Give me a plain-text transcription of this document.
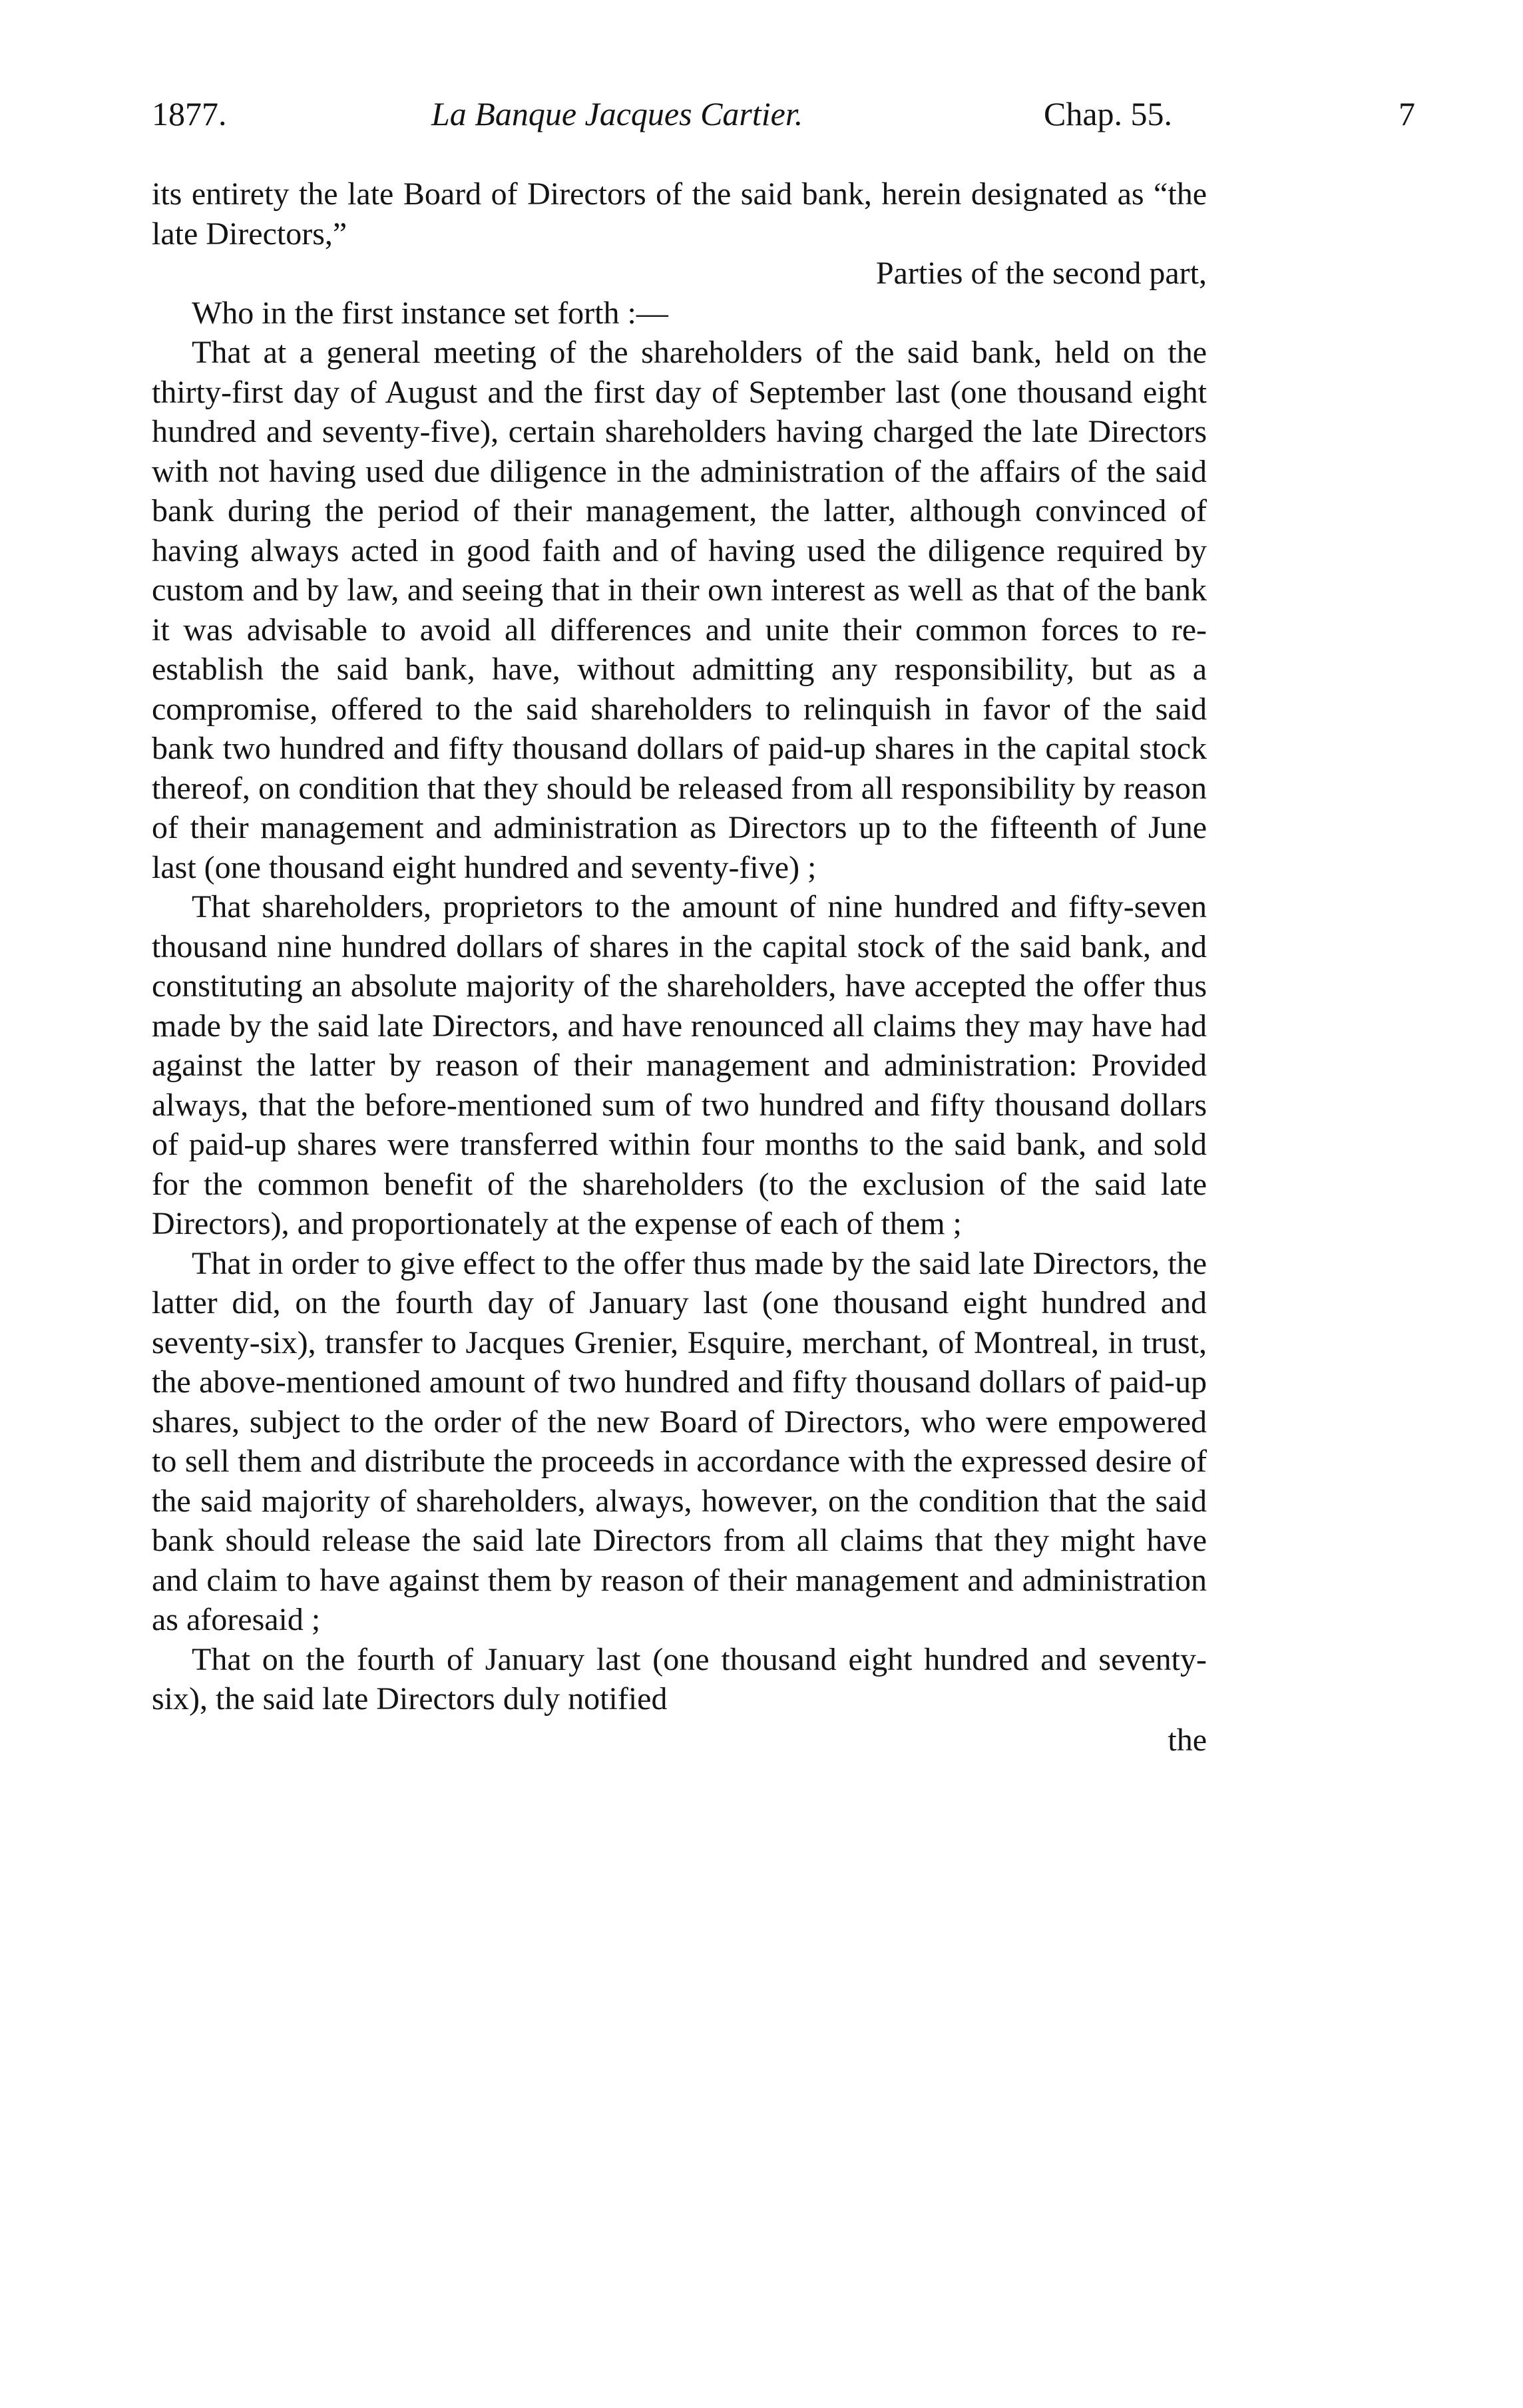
1877.	La Banque Jacques Cartier.	Chap. 55.	7

its entirety the late Board of Directors of the said bank, herein designated as “the late Directors,”

Parties of the second part,

Who in the first instance set forth :—

That at a general meeting of the shareholders of the said bank, held on the thirty-first day of August and the first day of September last (one thousand eight hundred and seventy-five), certain shareholders having charged the late Directors with not having used due diligence in the administration of the affairs of the said bank during the period of their management, the latter, although convinced of having always acted in good faith and of having used the diligence required by custom and by law, and seeing that in their own interest as well as that of the bank it was advisable to avoid all differences and unite their common forces to re-establish the said bank, have, without admitting any responsibility, but as a compromise, offered to the said shareholders to relinquish in favor of the said bank two hundred and fifty thousand dollars of paid-up shares in the capital stock thereof, on condition that they should be released from all responsibility by reason of their management and administration as Directors up to the fifteenth of June last (one thousand eight hundred and seventy-five) ;

That shareholders, proprietors to the amount of nine hundred and fifty-seven thousand nine hundred dollars of shares in the capital stock of the said bank, and constituting an absolute majority of the shareholders, have accepted the offer thus made by the said late Directors, and have renounced all claims they may have had against the latter by reason of their management and administration: Provided always, that the before-mentioned sum of two hundred and fifty thousand dollars of paid-up shares were transferred within four months to the said bank, and sold for the common benefit of the shareholders (to the exclusion of the said late Directors), and proportionately at the expense of each of them ;

That in order to give effect to the offer thus made by the said late Directors, the latter did, on the fourth day of January last (one thousand eight hundred and seventy-six), transfer to Jacques Grenier, Esquire, merchant, of Montreal, in trust, the above-mentioned amount of two hundred and fifty thousand dollars of paid-up shares, subject to the order of the new Board of Directors, who were empowered to sell them and distribute the proceeds in accordance with the expressed desire of the said majority of shareholders, always, however, on the condition that the said bank should release the said late Directors from all claims that they might have and claim to have against them by reason of their management and administration as aforesaid ;

That on the fourth of January last (one thousand eight hundred and seventy-six), the said late Directors duly notified

the
